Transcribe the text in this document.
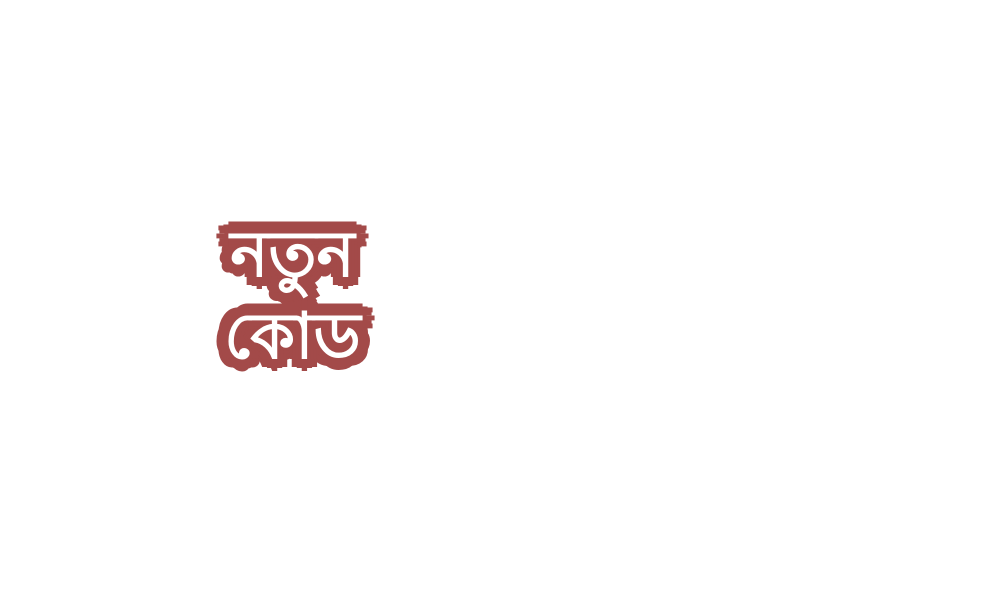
নতুন
কোড
